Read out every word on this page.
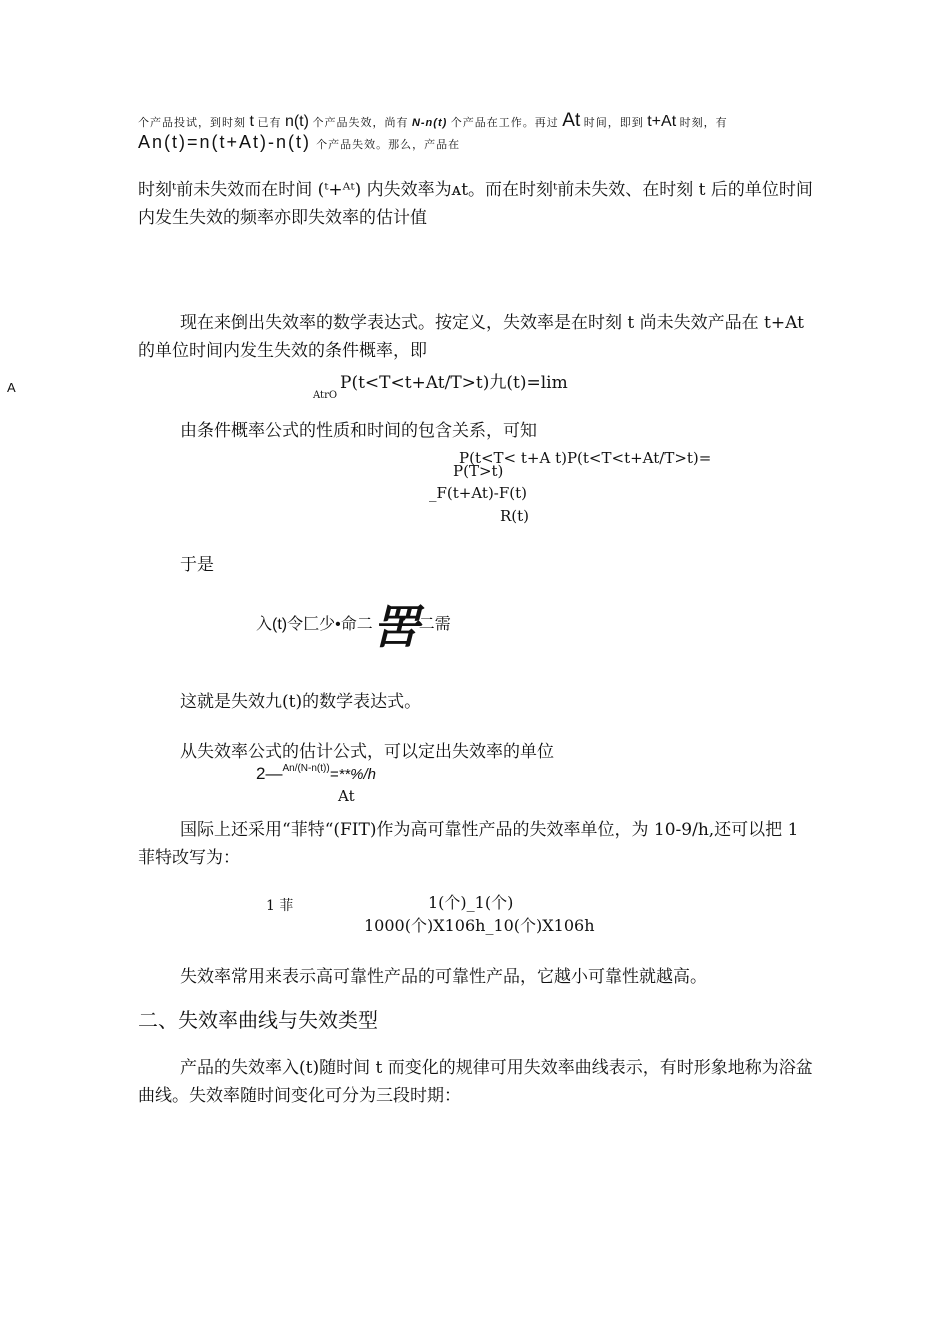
个产品投试，到时刻 t 已有 n(t) 个产品失效，尚有 N-n(t) 个产品在工作。再过 At 时间，即到 t+At 时刻，有
An(t)=n(t+At)-n(t) 个产品失效。那么，产品在
时刻ᵗ前未失效而在时间 (ᵗ+ᴬᵗ) 内失效率为ᴀt。而在时刻ᵗ前未失效、在时刻 t 后的单位时间内发生失效的频率亦即失效率的估计值
现在来倒出失效率的数学表达式。按定义，失效率是在时刻 t 尚未失效产品在 t+At 的单位时间内发生失效的条件概率，即
A	P(t<T<t+At/T>t)九(t)=lim
AtrO
由条件概率公式的性质和时间的包含关系，可知
P(t<T< t+A t)P(t<T<t+At/T>t)=
P(T>t)
_F(t+At)-F(t)
R(t)
于是
入(t)令匚少•命二罟二需
这就是失效九(t)的数学表达式。
从失效率公式的估计公式，可以定出失效率的单位
2—$^{An/(N-n(t))}$=**%/h
At
国际上还采用“菲特“(FIT)作为高可靠性产品的失效率单位，为 10-9/h,还可以把 1 菲特改写为：
1 菲	1(个)_1(个)
1000(个)X106h_10(个)X106h
失效率常用来表示高可靠性产品的可靠性产品，它越小可靠性就越高。
二、失效率曲线与失效类型
产品的失效率入(t)随时间 t 而变化的规律可用失效率曲线表示，有时形象地称为浴盆曲线。失效率随时间变化可分为三段时期：
